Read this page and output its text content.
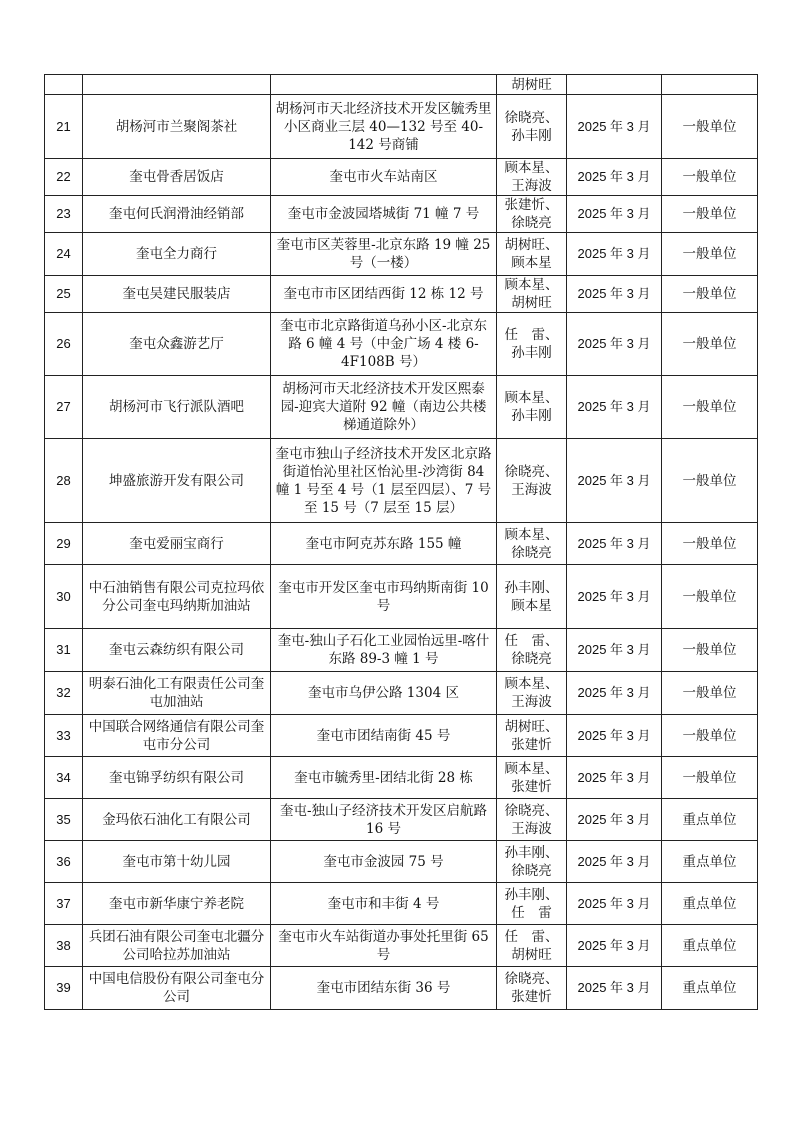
			胡树旺		

21	胡杨河市兰聚阁茶社	胡杨河市天北经济技术开发区毓秀里小区商业三层 40—132 号至 40-142 号商铺	徐晓亮、
孙丰刚	2025 年 3 月	一般单位
22	奎屯骨香居饭店	奎屯市火车站南区	顾本星、
王海波	2025 年 3 月	一般单位
23	奎屯何氏润滑油经销部	奎屯市金波园塔城街 71 幢 7 号	张建忻、
徐晓亮	2025 年 3 月	一般单位
24	奎屯全力商行	奎屯市区芙蓉里-北京东路 19 幢 25 号（一楼）	胡树旺、
顾本星	2025 年 3 月	一般单位
25	奎屯吴建民服装店	奎屯市市区团结西街 12 栋 12 号	顾本星、
胡树旺	2025 年 3 月	一般单位
26	奎屯众鑫游艺厅	奎屯市北京路街道乌孙小区-北京东路 6 幢 4 号（中金广场 4 楼 6-4F108B 号）	任　雷、
孙丰刚	2025 年 3 月	一般单位
27	胡杨河市飞行派队酒吧	胡杨河市天北经济技术开发区熙泰园-迎宾大道附 92 幢（南边公共楼梯通道除外）	顾本星、
孙丰刚	2025 年 3 月	一般单位
28	坤盛旅游开发有限公司	奎屯市独山子经济技术开发区北京路街道怡沁里社区怡沁里-沙湾街 84 幢 1 号至 4 号（1 层至四层）、7 号至 15 号（7 层至 15 层）	徐晓亮、
王海波	2025 年 3 月	一般单位
29	奎屯爱丽宝商行	奎屯市阿克苏东路 155 幢	顾本星、
徐晓亮	2025 年 3 月	一般单位
30	中石油销售有限公司克拉玛依分公司奎屯玛纳斯加油站	奎屯市开发区奎屯市玛纳斯南街 10 号	孙丰刚、
顾本星	2025 年 3 月	一般单位
31	奎屯云森纺织有限公司	奎屯-独山子石化工业园怡远里-喀什东路 89-3 幢 1 号	任　雷、
徐晓亮	2025 年 3 月	一般单位
32	明泰石油化工有限责任公司奎屯加油站	奎屯市乌伊公路 1304 区	顾本星、
王海波	2025 年 3 月	一般单位
33	中国联合网络通信有限公司奎屯市分公司	奎屯市团结南街 45 号	胡树旺、
张建忻	2025 年 3 月	一般单位
34	奎屯锦孚纺织有限公司	奎屯市毓秀里-团结北街 28 栋	顾本星、
张建忻	2025 年 3 月	一般单位
35	金玛依石油化工有限公司	奎屯-独山子经济技术开发区启航路 16 号	徐晓亮、
王海波	2025 年 3 月	重点单位
36	奎屯市第十幼儿园	奎屯市金波园 75 号	孙丰刚、
徐晓亮	2025 年 3 月	重点单位
37	奎屯市新华康宁养老院	奎屯市和丰街 4 号	孙丰刚、
任　雷	2025 年 3 月	重点单位
38	兵团石油有限公司奎屯北疆分公司哈拉苏加油站	奎屯市火车站街道办事处托里街 65 号	任　雷、
胡树旺	2025 年 3 月	重点单位
39	中国电信股份有限公司奎屯分公司	奎屯市团结东街 36 号	徐晓亮、
张建忻	2025 年 3 月	重点单位
